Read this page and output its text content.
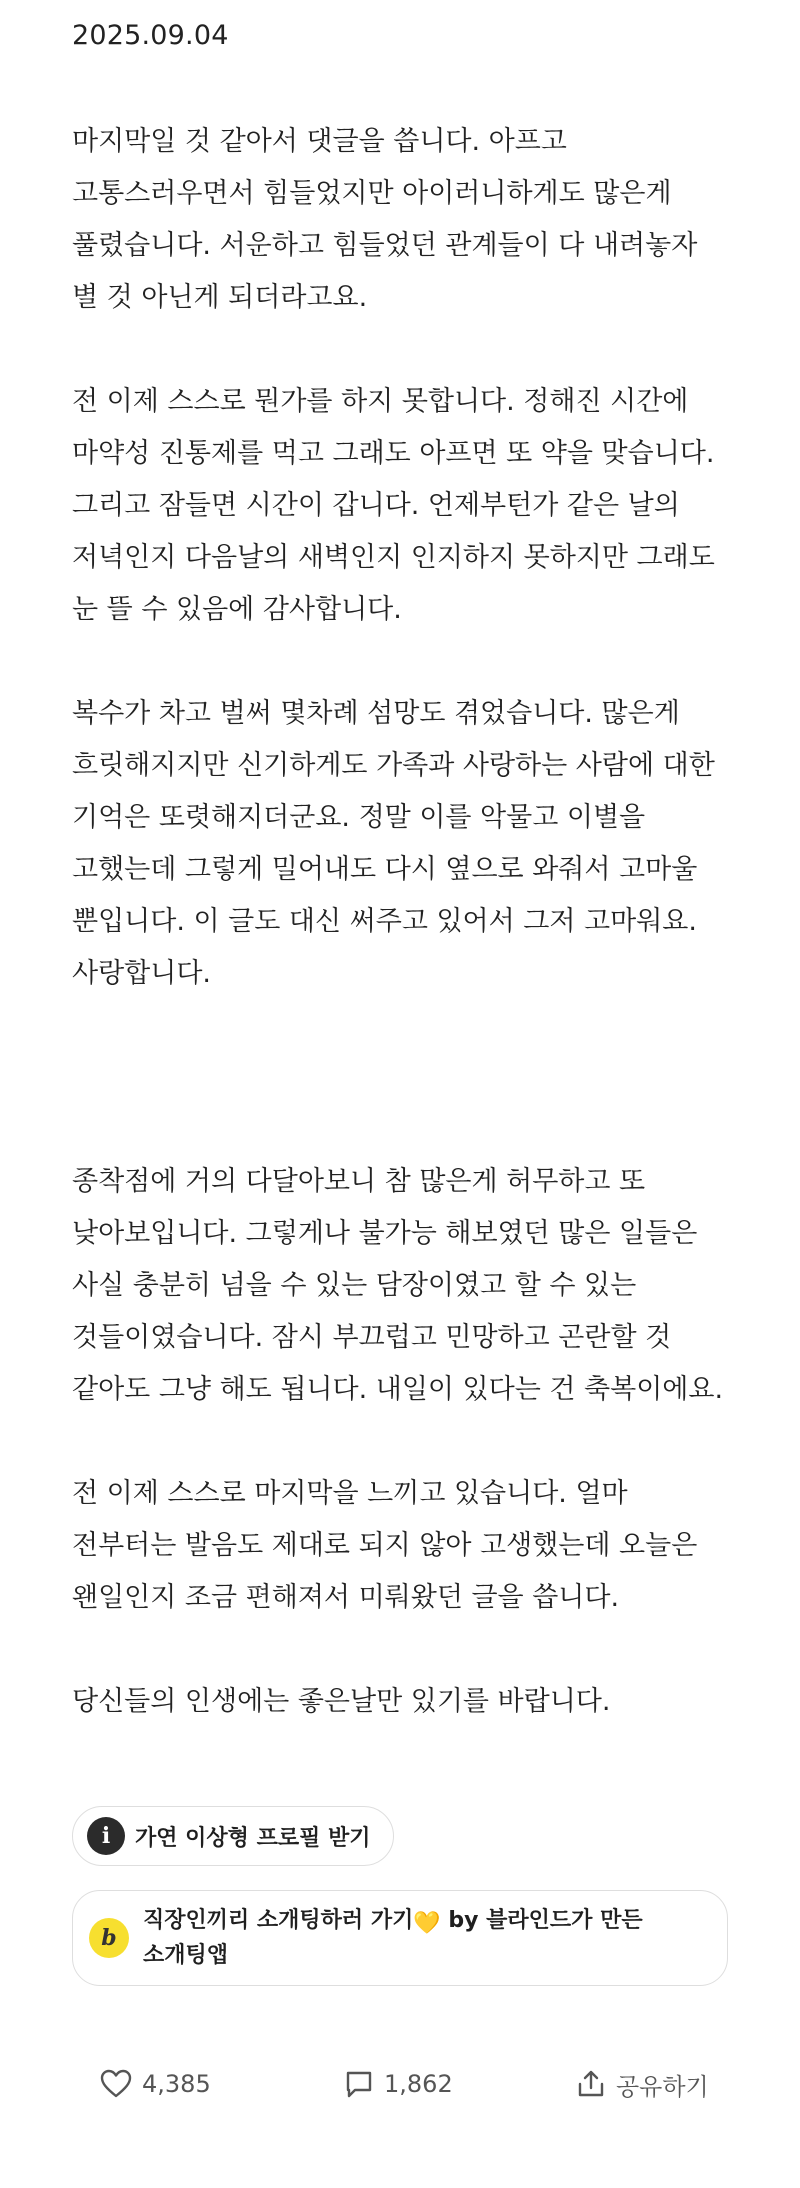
2025.09.04

마지막일 것 같아서 댓글을 씁니다. 아프고
고통스러우면서 힘들었지만 아이러니하게도 많은게
풀렸습니다. 서운하고 힘들었던 관계들이 다 내려놓자
별 것 아닌게 되더라고요.

전 이제 스스로 뭔가를 하지 못합니다. 정해진 시간에
마약성 진통제를 먹고 그래도 아프면 또 약을 맞습니다.
그리고 잠들면 시간이 갑니다. 언제부턴가 같은 날의
저녁인지 다음날의 새벽인지 인지하지 못하지만 그래도
눈 뜰 수 있음에 감사합니다.

복수가 차고 벌써 몇차례 섬망도 겪었습니다. 많은게
흐릿해지지만 신기하게도 가족과 사랑하는 사람에 대한
기억은 또렷해지더군요. 정말 이를 악물고 이별을
고했는데 그렇게 밀어내도 다시 옆으로 와줘서 고마울
뿐입니다. 이 글도 대신 써주고 있어서 그저 고마워요.
사랑합니다.

종착점에 거의 다달아보니 참 많은게 허무하고 또
낮아보입니다. 그렇게나 불가능 해보였던 많은 일들은
사실 충분히 넘을 수 있는 담장이였고 할 수 있는
것들이였습니다. 잠시 부끄럽고 민망하고 곤란할 것
같아도 그냥 해도 됩니다. 내일이 있다는 건 축복이에요.

전 이제 스스로 마지막을 느끼고 있습니다. 얼마
전부터는 발음도 제대로 되지 않아 고생했는데 오늘은
왠일인지 조금 편해져서 미뤄왔던 글을 씁니다.

당신들의 인생에는 좋은날만 있기를 바랍니다.

i	가연 이상형 프로필 받기
b
직장인끼리 소개팅하러 가기💛 by 블라인드가 만든
소개팅앱
4,385	1,862	공유하기
